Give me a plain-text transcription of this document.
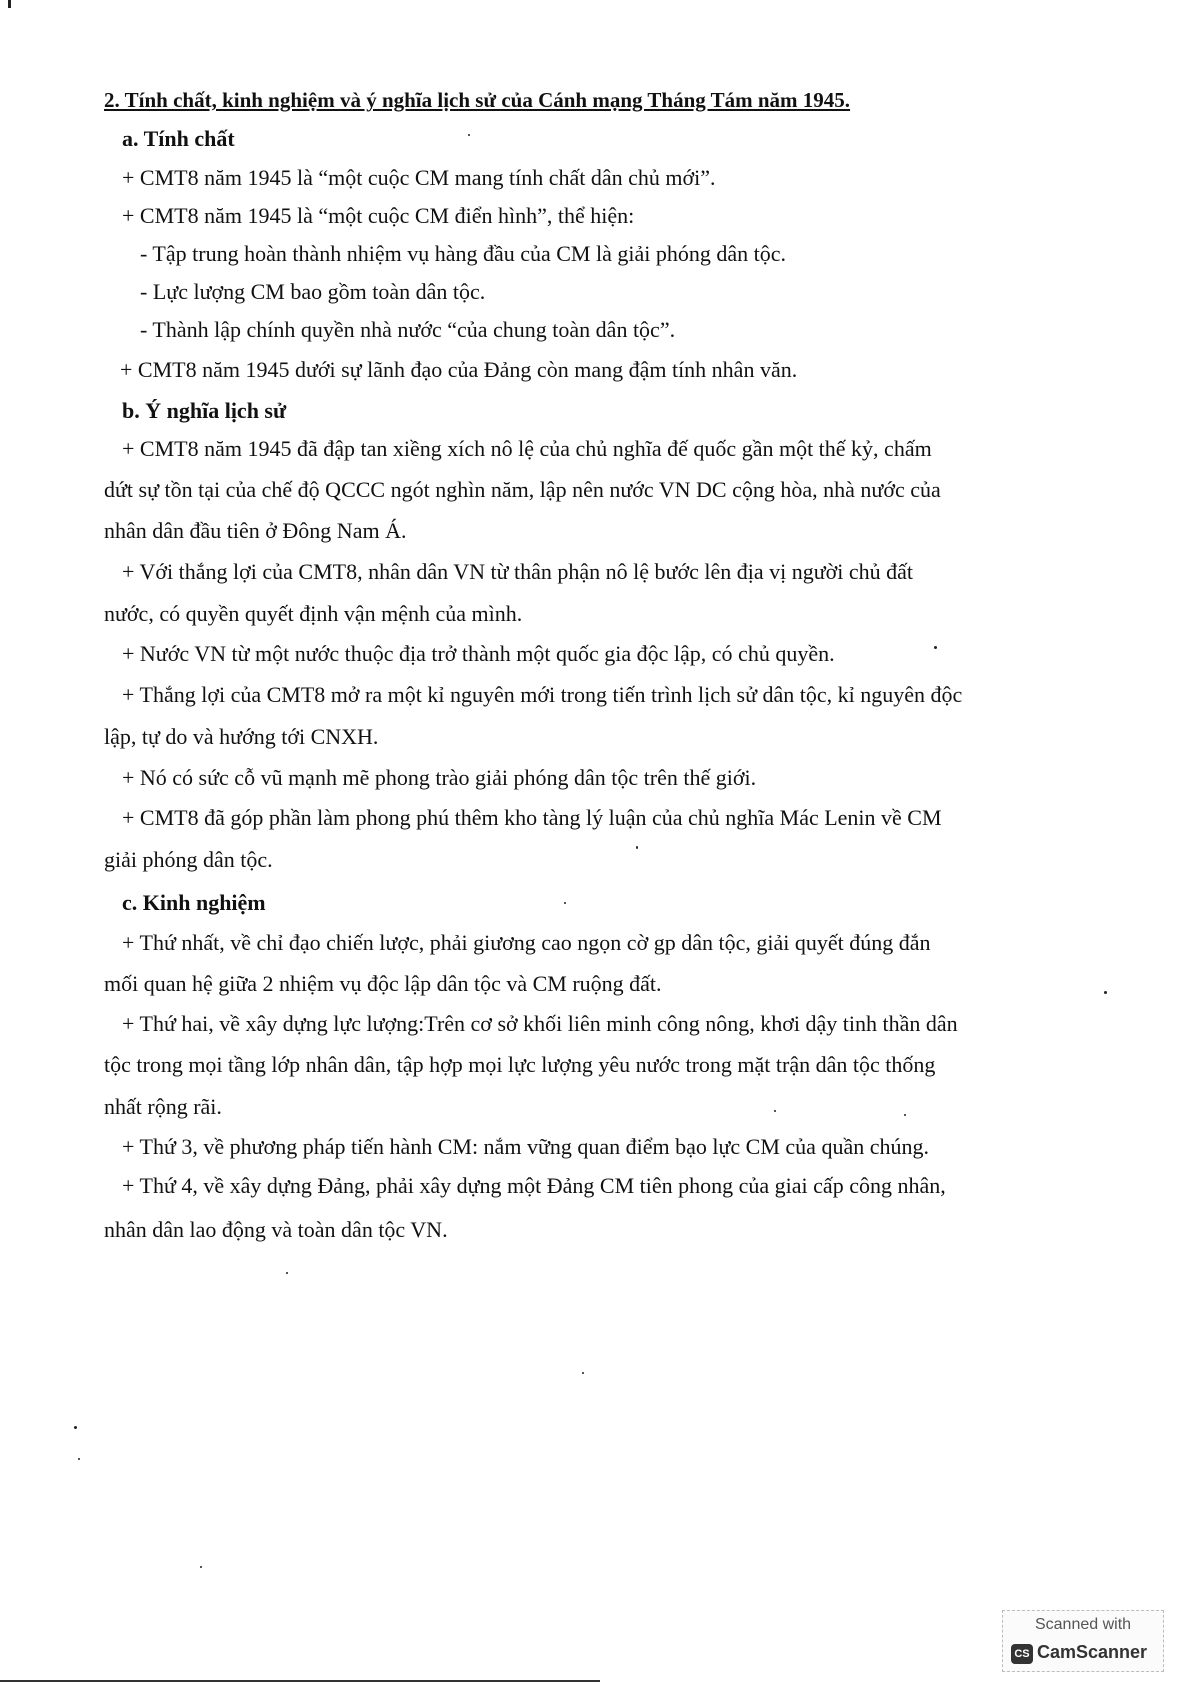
2. Tính chất, kinh nghiệm và ý nghĩa lịch sử của Cánh mạng Tháng Tám năm 1945.

a. Tính chất

+ CMT8 năm 1945 là “một cuộc CM mang tính chất dân chủ mới”.

+ CMT8 năm 1945 là “một cuộc CM điển hình”, thể hiện:

- Tập trung hoàn thành nhiệm vụ hàng đầu của CM là giải phóng dân tộc.

- Lực lượng CM bao gồm toàn dân tộc.

- Thành lập chính quyền nhà nước “của chung toàn dân tộc”.

+ CMT8 năm 1945 dưới sự lãnh đạo của Đảng còn mang đậm tính nhân văn.

b. Ý nghĩa lịch sử

+ CMT8 năm 1945 đã đập tan xiềng xích nô lệ của chủ nghĩa đế quốc gần một thế kỷ, chấm

dứt sự tồn tại của chế độ QCCC ngót nghìn năm, lập nên nước VN DC cộng hòa, nhà nước của

nhân dân đầu tiên ở Đông Nam Á.

+ Với thắng lợi của CMT8, nhân dân VN từ thân phận nô lệ bước lên địa vị người chủ đất

nước, có quyền quyết định vận mệnh của mình.

+ Nước VN từ một nước thuộc địa trở thành một quốc gia độc lập, có chủ quyền.

+ Thắng lợi của CMT8 mở ra một kỉ nguyên mới trong tiến trình lịch sử dân tộc, kỉ nguyên độc

lập, tự do và hướng tới CNXH.

+ Nó có sức cỗ vũ mạnh mẽ phong trào giải phóng dân tộc trên thế giới.

+ CMT8 đã góp phần làm phong phú thêm kho tàng lý luận của chủ nghĩa Mác Lenin về CM

giải phóng dân tộc.

c. Kinh nghiệm

+ Thứ nhất, về chỉ đạo chiến lược, phải giương cao ngọn cờ gp dân tộc, giải quyết đúng đắn

mối quan hệ giữa 2 nhiệm vụ độc lập dân tộc và CM ruộng đất.

+ Thứ hai, về xây dựng lực lượng:Trên cơ sở khối liên minh công nông, khơi dậy tinh thần dân

tộc trong mọi tầng lớp nhân dân, tập hợp mọi lực lượng yêu nước trong mặt trận dân tộc thống

nhất rộng rãi.

+ Thứ 3, về phương pháp tiến hành CM: nắm vững quan điểm bạo lực CM của quần chúng.

+ Thứ 4, về xây dựng Đảng, phải xây dựng một Đảng CM tiên phong của giai cấp công nhân,

nhân dân lao động và toàn dân tộc VN.

Scanned with
CS CamScanner
